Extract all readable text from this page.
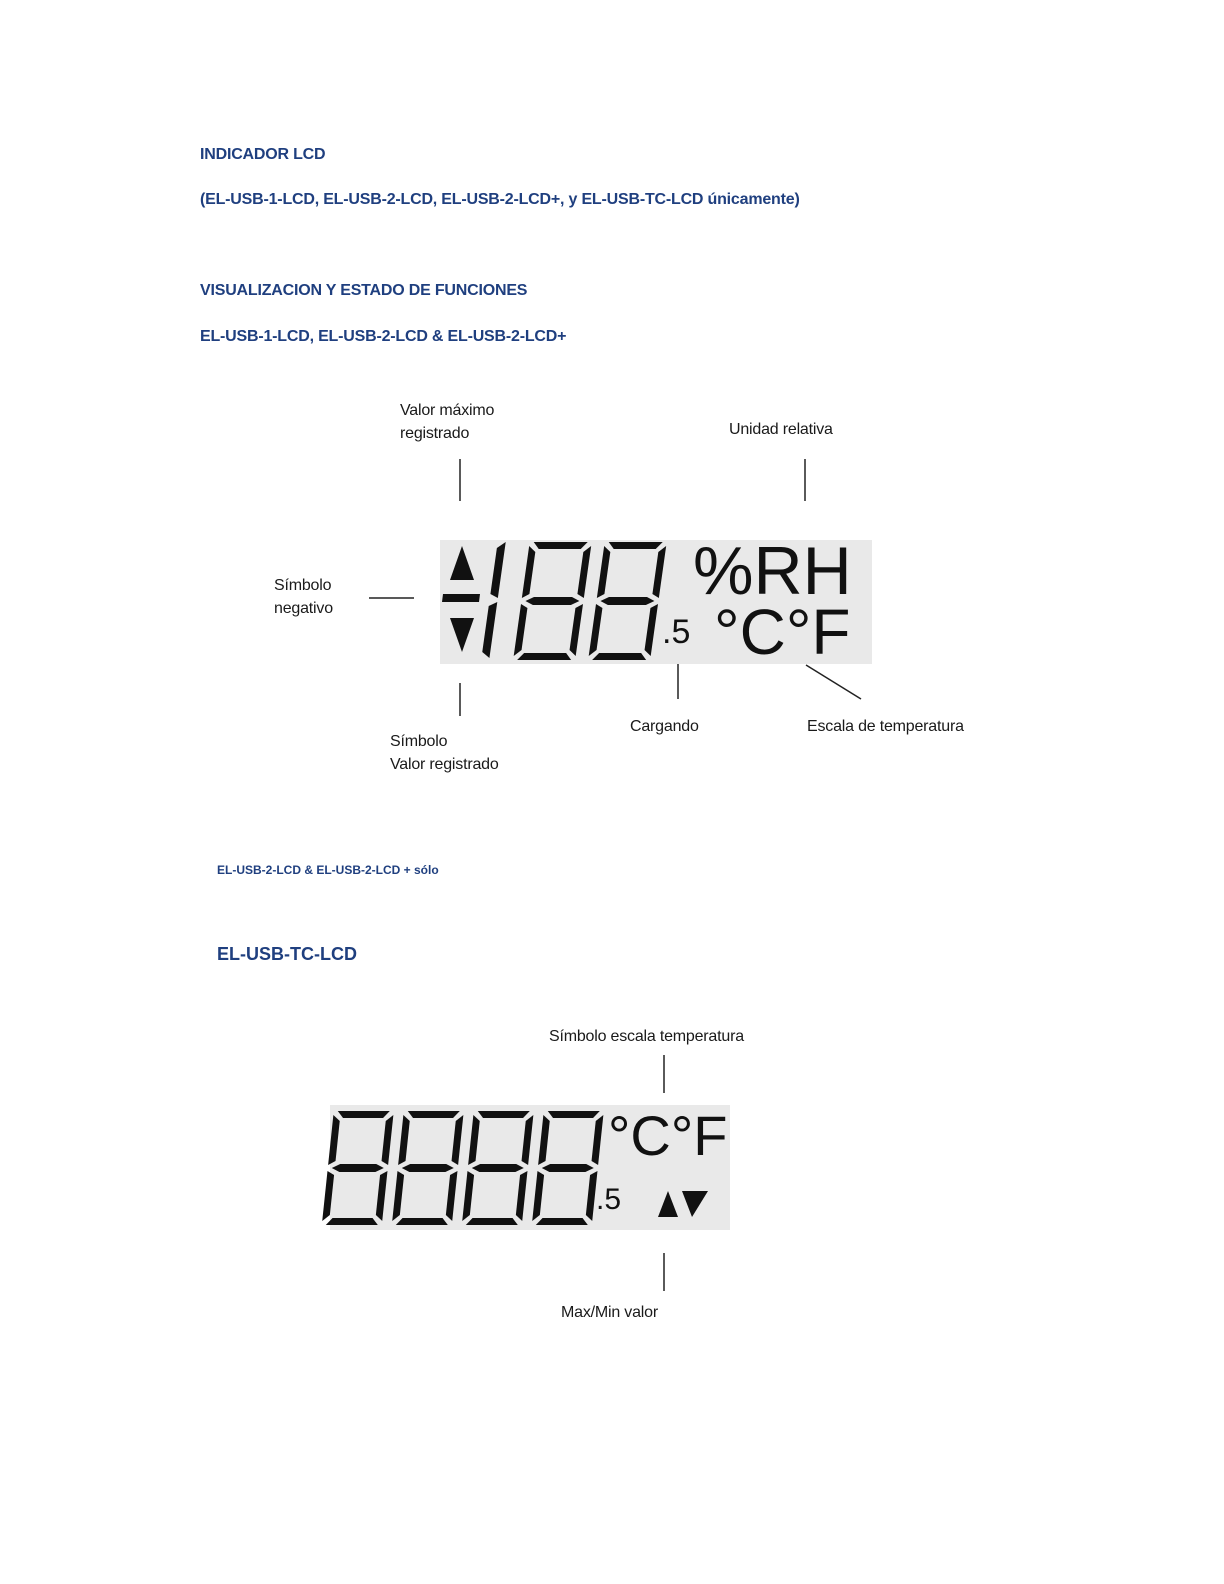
INDICADOR LCD
(EL-USB-1-LCD, EL-USB-2-LCD, EL-USB-2-LCD+, y EL-USB-TC-LCD únicamente)
VISUALIZACION Y ESTADO DE FUNCIONES
EL-USB-1-LCD, EL-USB-2-LCD & EL-USB-2-LCD+
Valor máximo
registrado	Unidad relativa
Símbolo
negativo
Cargando	Escala de temperatura
Símbolo
Valor registrado
%RH
.5 °C°F
EL-USB-2-LCD & EL-USB-2-LCD + sólo
EL-USB-TC-LCD
Símbolo escala temperatura
Max/Min valor
°C°F
.5
